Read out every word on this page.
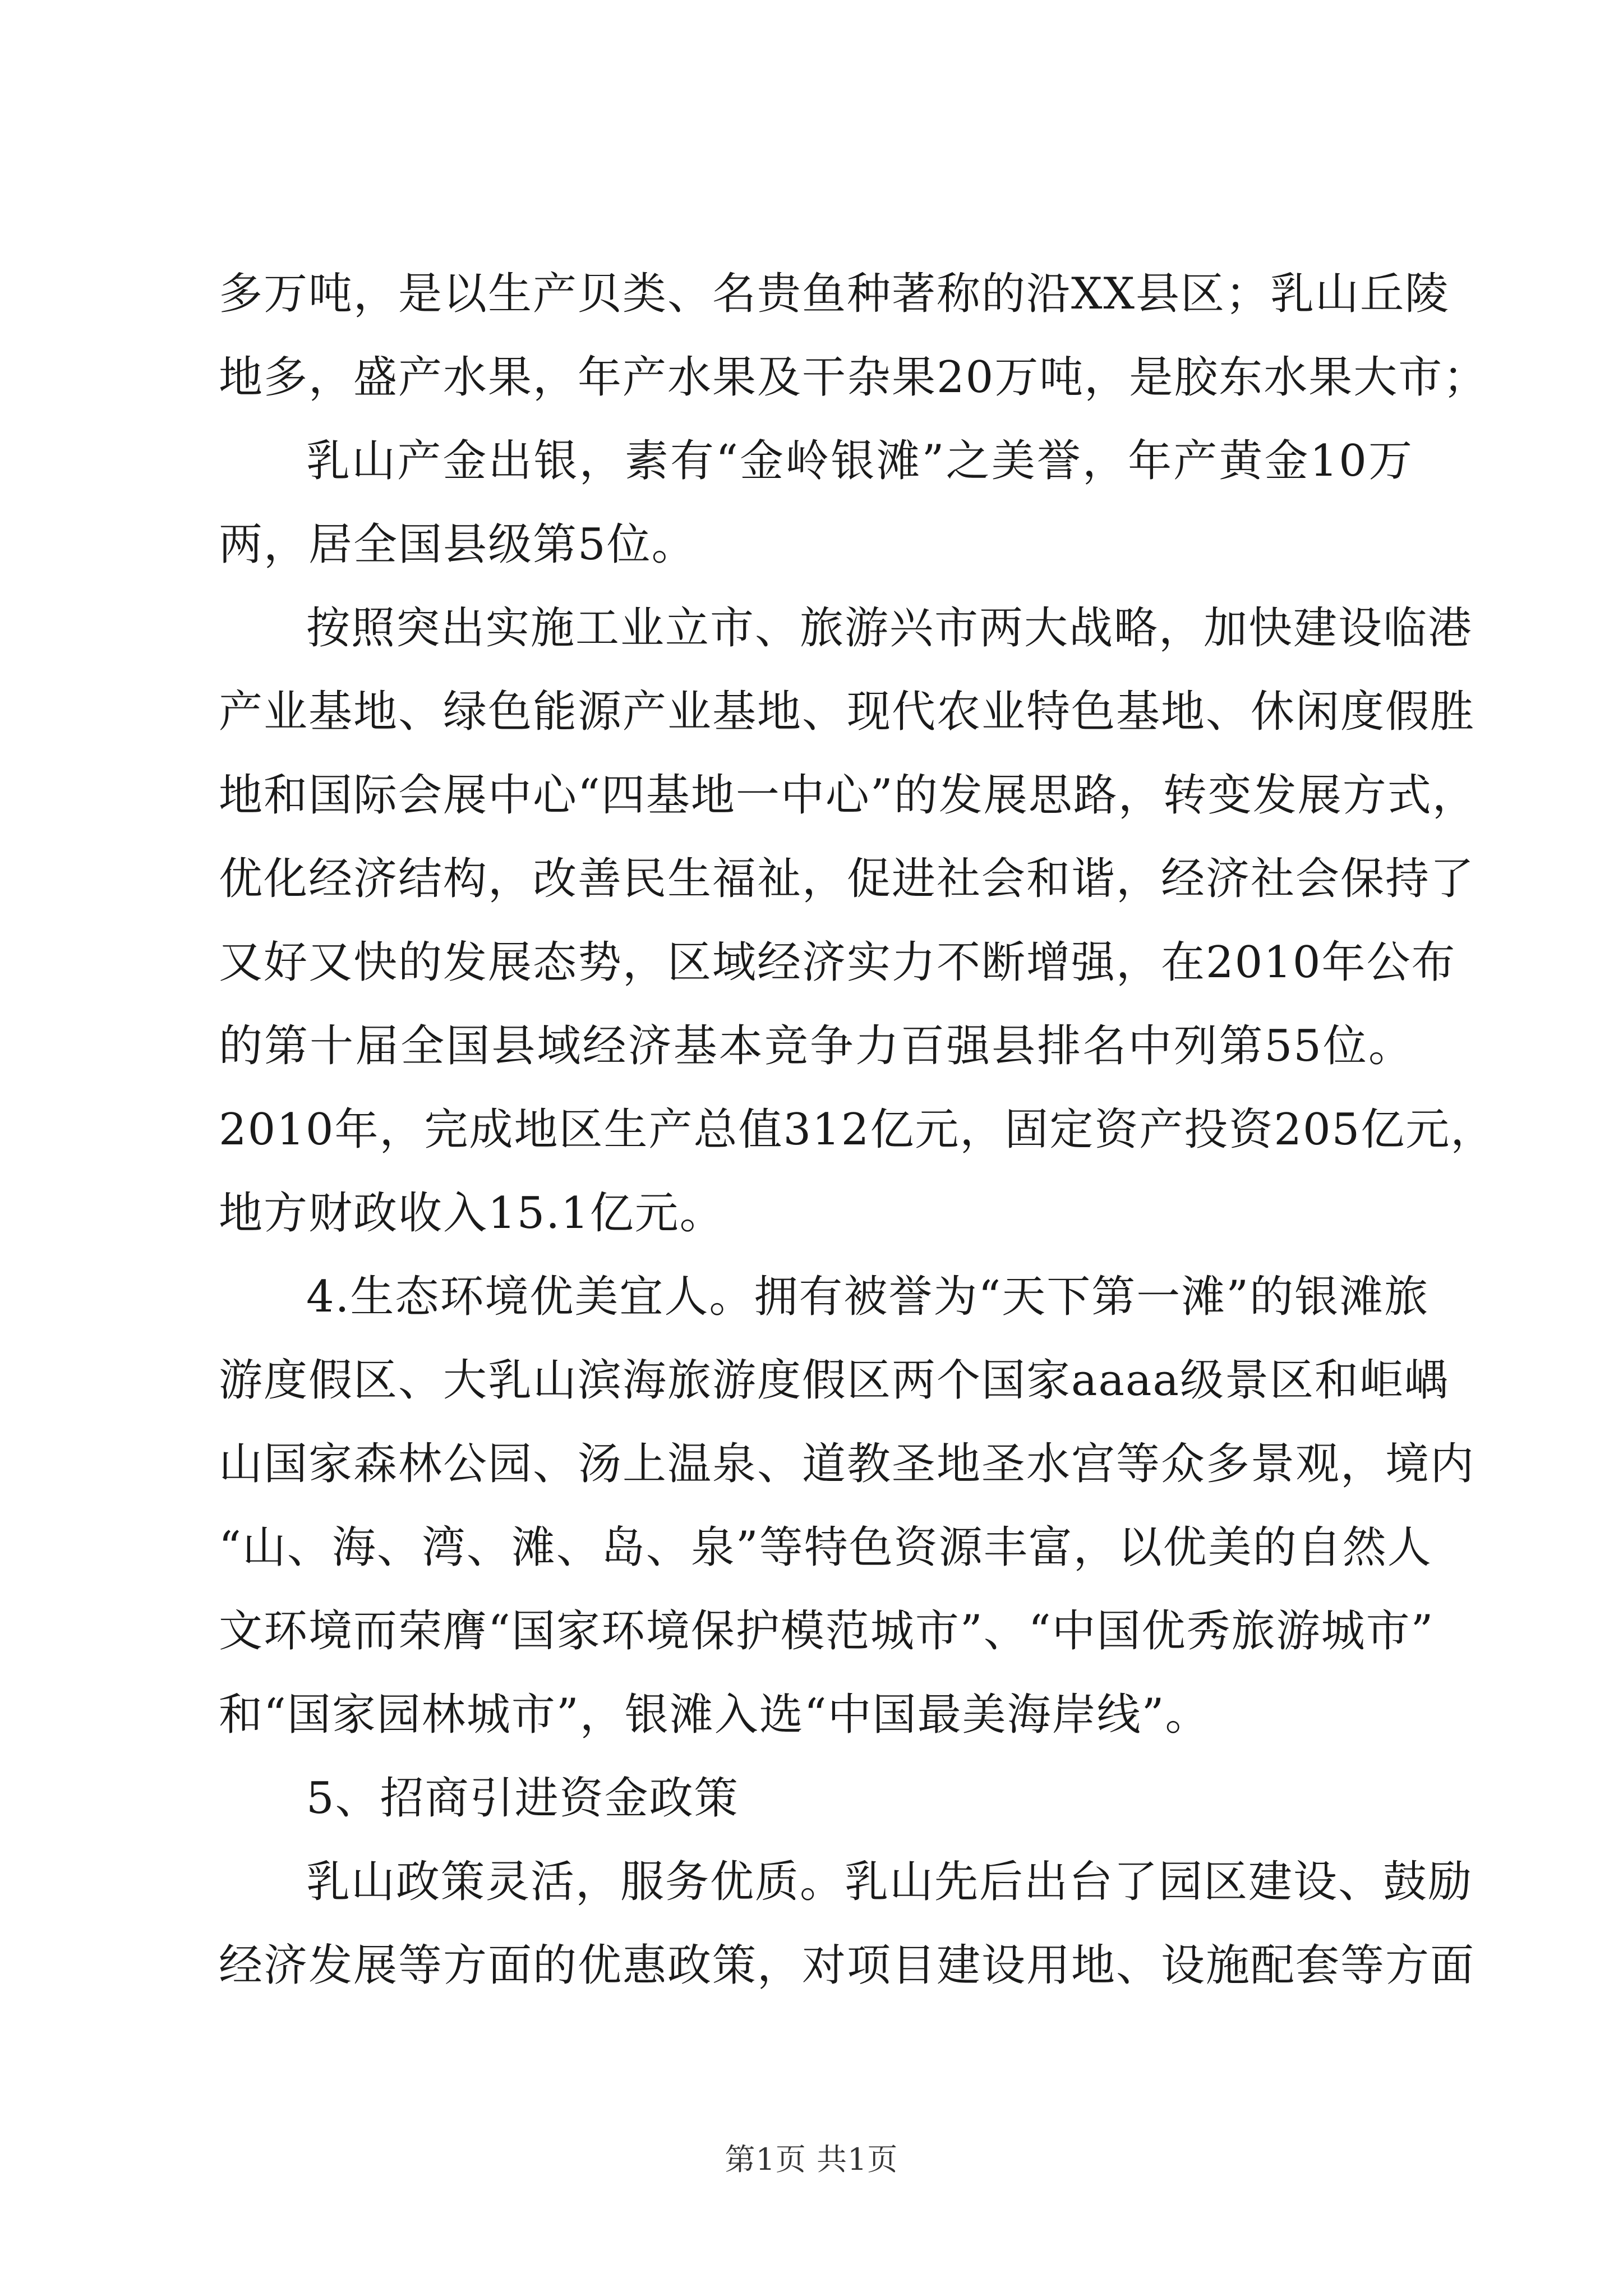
多万吨，是以生产贝类、名贵鱼种著称的沿XX县区；乳山丘陵
地多，盛产水果，年产水果及干杂果20万吨，是胶东水果大市；
乳山产金出银，素有“金岭银滩”之美誉，年产黄金10万
两，居全国县级第5位。
按照突出实施工业立市、旅游兴市两大战略，加快建设临港
产业基地、绿色能源产业基地、现代农业特色基地、休闲度假胜
地和国际会展中心“四基地一中心”的发展思路，转变发展方式，
优化经济结构，改善民生福祉，促进社会和谐，经济社会保持了
又好又快的发展态势，区域经济实力不断增强，在2010年公布
的第十届全国县域经济基本竞争力百强县排名中列第55位。
2010年，完成地区生产总值312亿元，固定资产投资205亿元，
地方财政收入15.1亿元。
4.生态环境优美宜人。拥有被誉为“天下第一滩”的银滩旅
游度假区、大乳山滨海旅游度假区两个国家aaaa级景区和岠嵎
山国家森林公园、汤上温泉、道教圣地圣水宫等众多景观，境内
“山、海、湾、滩、岛、泉”等特色资源丰富，以优美的自然人
文环境而荣膺“国家环境保护模范城市”、“中国优秀旅游城市”
和“国家园林城市”，银滩入选“中国最美海岸线”。
5、招商引进资金政策
乳山政策灵活，服务优质。乳山先后出台了园区建设、鼓励
经济发展等方面的优惠政策，对项目建设用地、设施配套等方面
第1页 共1页
